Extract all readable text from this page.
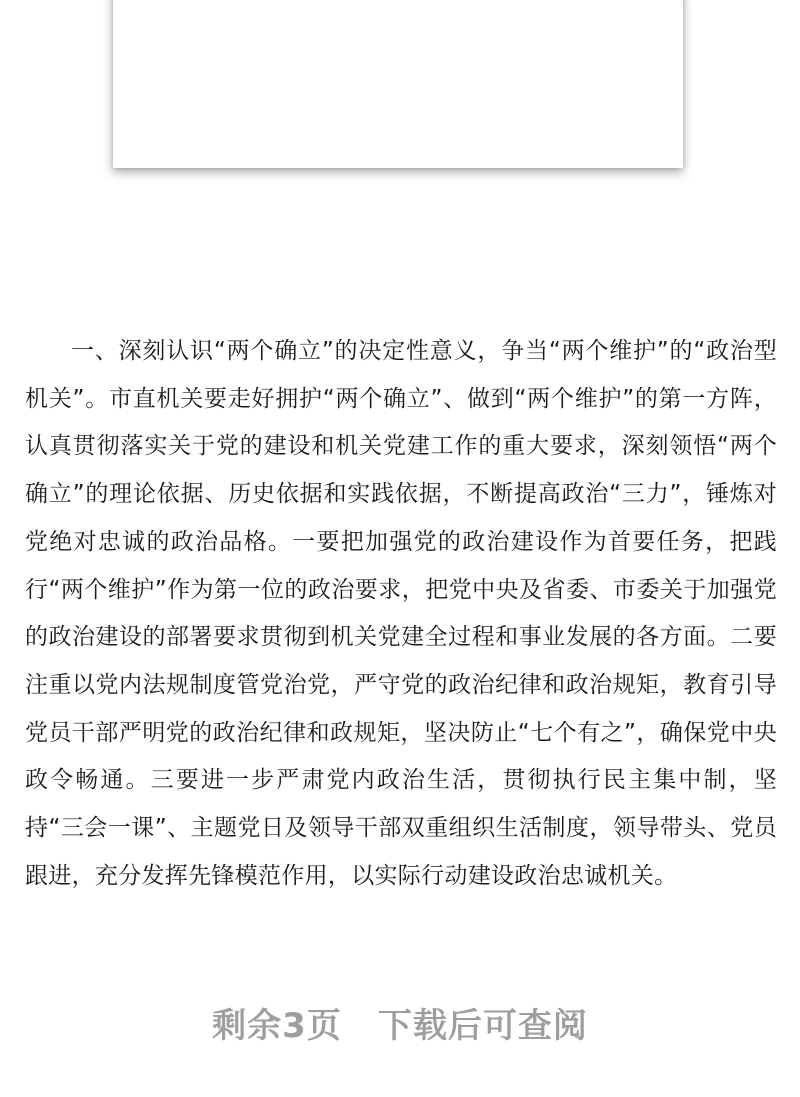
一、深刻认识“两个确立”的决定性意义，争当“两个维护”的“政治型机关”。市直机关要走好拥护“两个确立”、做到“两个维护”的第一方阵，认真贯彻落实关于党的建设和机关党建工作的重大要求，深刻领悟“两个确立”的理论依据、历史依据和实践依据，不断提高政治“三力”，锤炼对党绝对忠诚的政治品格。一要把加强党的政治建设作为首要任务，把践行“两个维护”作为第一位的政治要求，把党中央及省委、市委关于加强党的政治建设的部署要求贯彻到机关党建全过程和事业发展的各方面。二要注重以党内法规制度管党治党，严守党的政治纪律和政治规矩，教育引导党员干部严明党的政治纪律和政规矩，坚决防止“七个有之”，确保党中央政令畅通。三要进一步严肃党内政治生活，贯彻执行民主集中制，坚持“三会一课”、主题党日及领导干部双重组织生活制度，领导带头、党员跟进，充分发挥先锋模范作用，以实际行动建设政治忠诚机关。

剩余3页 下载后可查阅
